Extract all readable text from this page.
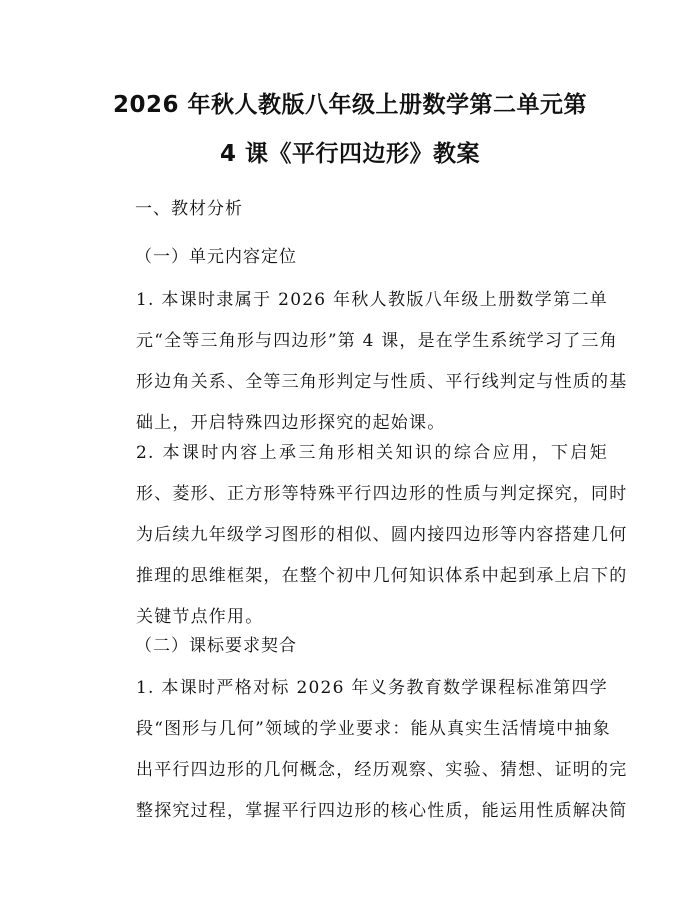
2026 年秋人教版八年级上册数学第二单元第
4 课《平行四边形》教案
一、教材分析
（一）单元内容定位
1. 本课时隶属于 2026 年秋人教版八年级上册数学第二单
元“全等三角形与四边形”第 4 课，是在学生系统学习了三角
形边角关系、全等三角形判定与性质、平行线判定与性质的基
础上，开启特殊四边形探究的起始课。
2. 本课时内容上承三角形相关知识的综合应用，下启矩
形、菱形、正方形等特殊平行四边形的性质与判定探究，同时
为后续九年级学习图形的相似、圆内接四边形等内容搭建几何
推理的思维框架，在整个初中几何知识体系中起到承上启下的
关键节点作用。
（二）课标要求契合
1. 本课时严格对标 2026 年义务教育数学课程标准第四学
段“图形与几何”领域的学业要求：能从真实生活情境中抽象
出平行四边形的几何概念，经历观察、实验、猜想、证明的完
整探究过程，掌握平行四边形的核心性质，能运用性质解决简
